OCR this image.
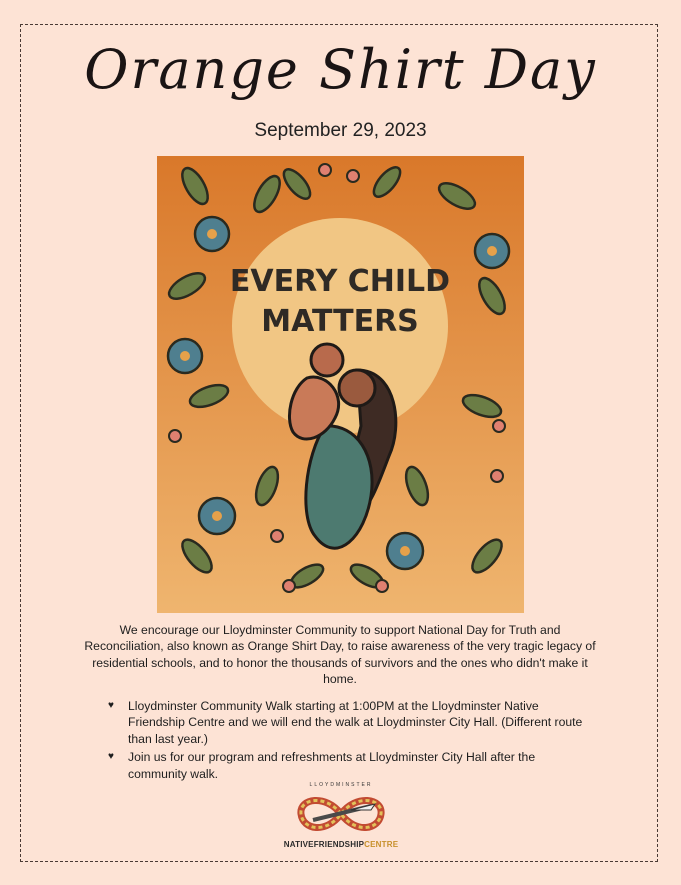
Orange Shirt Day
September 29, 2023
EVERY CHILD
MATTERS

We encourage our Lloydminster Community to support National Day for Truth and Reconciliation, also known as Orange Shirt Day, to raise awareness of the very tragic legacy of residential schools, and to honor the thousands of survivors and the ones who didn't make it home.

♥ Lloydminster Community Walk starting at 1:00PM at the Lloydminster Native Friendship Centre and we will end the walk at Lloydminster City Hall. (Different route than last year.)
♥ Join us for our program and refreshments at Lloydminster City Hall after the community walk.
LLOYDMINSTER
NATIVEFRIENDSHIPCENTRE
